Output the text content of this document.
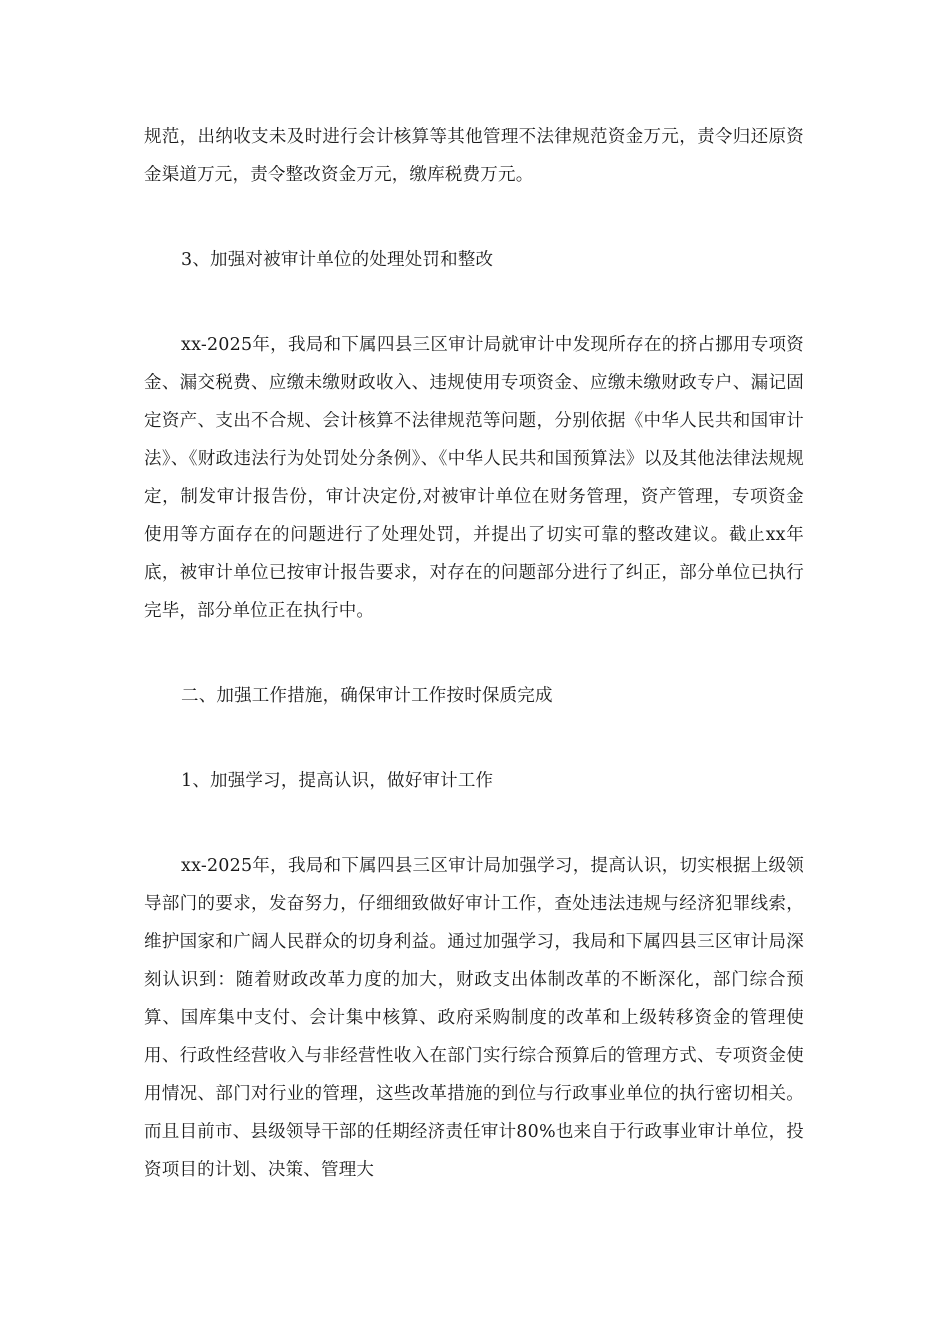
规范，出纳收支未及时进行会计核算等其他管理不法律规范资金万元，责令归还原资金渠道万元，责令整改资金万元，缴库税费万元。

3、加强对被审计单位的处理处罚和整改

xx-2025年，我局和下属四县三区审计局就审计中发现所存在的挤占挪用专项资金、漏交税费、应缴未缴财政收入、违规使用专项资金、应缴未缴财政专户、漏记固定资产、支出不合规、会计核算不法律规范等问题，分别依据《中华人民共和国审计法》、《财政违法行为处罚处分条例》、《中华人民共和国预算法》以及其他法律法规规定，制发审计报告份，审计决定份,对被审计单位在财务管理，资产管理，专项资金使用等方面存在的问题进行了处理处罚，并提出了切实可靠的整改建议。截止xx年底，被审计单位已按审计报告要求，对存在的问题部分进行了纠正，部分单位已执行完毕，部分单位正在执行中。

二、加强工作措施，确保审计工作按时保质完成

1、加强学习，提高认识，做好审计工作

xx-2025年，我局和下属四县三区审计局加强学习，提高认识，切实根据上级领导部门的要求，发奋努力，仔细细致做好审计工作，查处违法违规与经济犯罪线索，维护国家和广阔人民群众的切身利益。通过加强学习，我局和下属四县三区审计局深刻认识到：随着财政改革力度的加大，财政支出体制改革的不断深化，部门综合预算、国库集中支付、会计集中核算、政府采购制度的改革和上级转移资金的管理使用、行政性经营收入与非经营性收入在部门实行综合预算后的管理方式、专项资金使用情况、部门对行业的管理，这些改革措施的到位与行政事业单位的执行密切相关。而且目前市、县级领导干部的任期经济责任审计80%也来自于行政事业审计单位，投资项目的计划、决策、管理大
